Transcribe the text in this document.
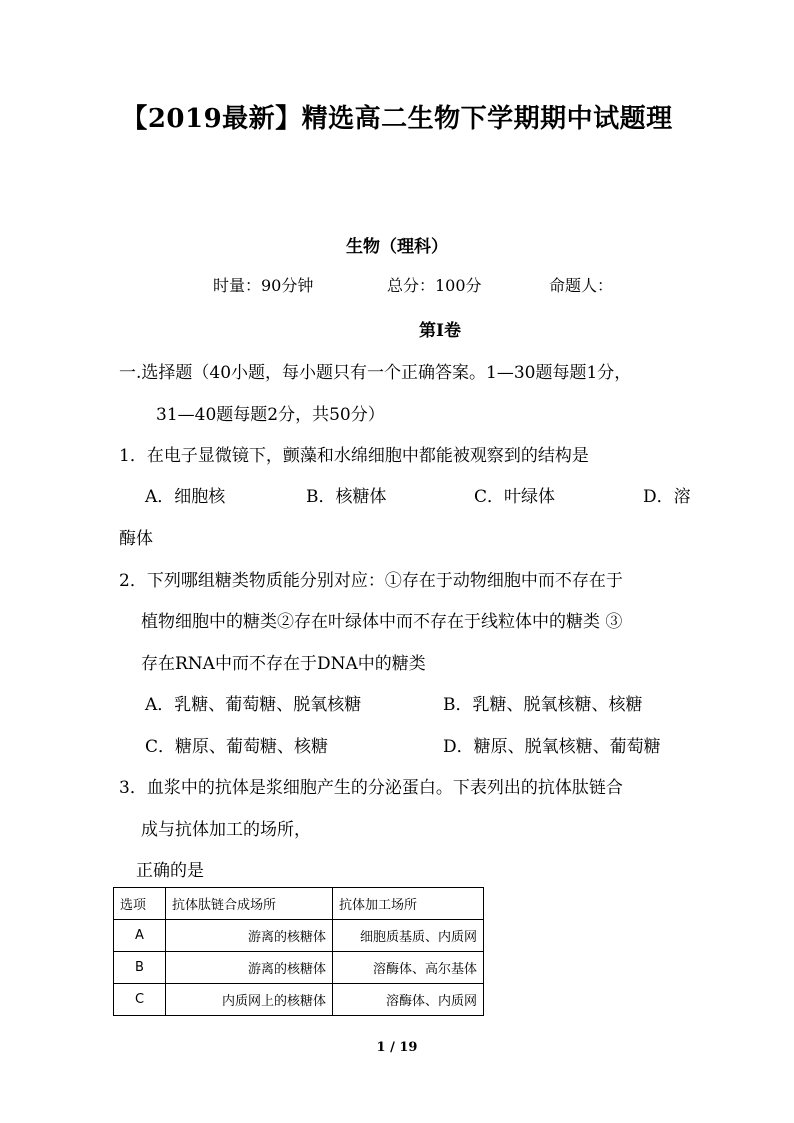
【2019最新】精选高二生物下学期期中试题理
生物（理科）
时量：90分钟	总分：100分	命题人：
第Ⅰ卷
一.选择题（40小题，每小题只有一个正确答案。1—30题每题1分，
31—40题每题2分，共50分）
1．在电子显微镜下，颤藻和水绵细胞中都能被观察到的结构是
A．细胞核	B．核糖体	C．叶绿体	D．溶
酶体
2．下列哪组糖类物质能分别对应：①存在于动物细胞中而不存在于
植物细胞中的糖类②存在叶绿体中而不存在于线粒体中的糖类 ③
存在RNA中而不存在于DNA中的糖类
A．乳糖、葡萄糖、脱氧核糖	B．乳糖、脱氧核糖、核糖
C．糖原、葡萄糖、核糖	D．糖原、脱氧核糖、葡萄糖
3．血浆中的抗体是浆细胞产生的分泌蛋白。下表列出的抗体肽链合
成与抗体加工的场所，
正确的是
选项	抗体肽链合成场所	抗体加工场所
A	游离的核糖体	细胞质基质、内质网
B	游离的核糖体	溶酶体、高尔基体
C	内质网上的核糖体	溶酶体、内质网
1 / 19
